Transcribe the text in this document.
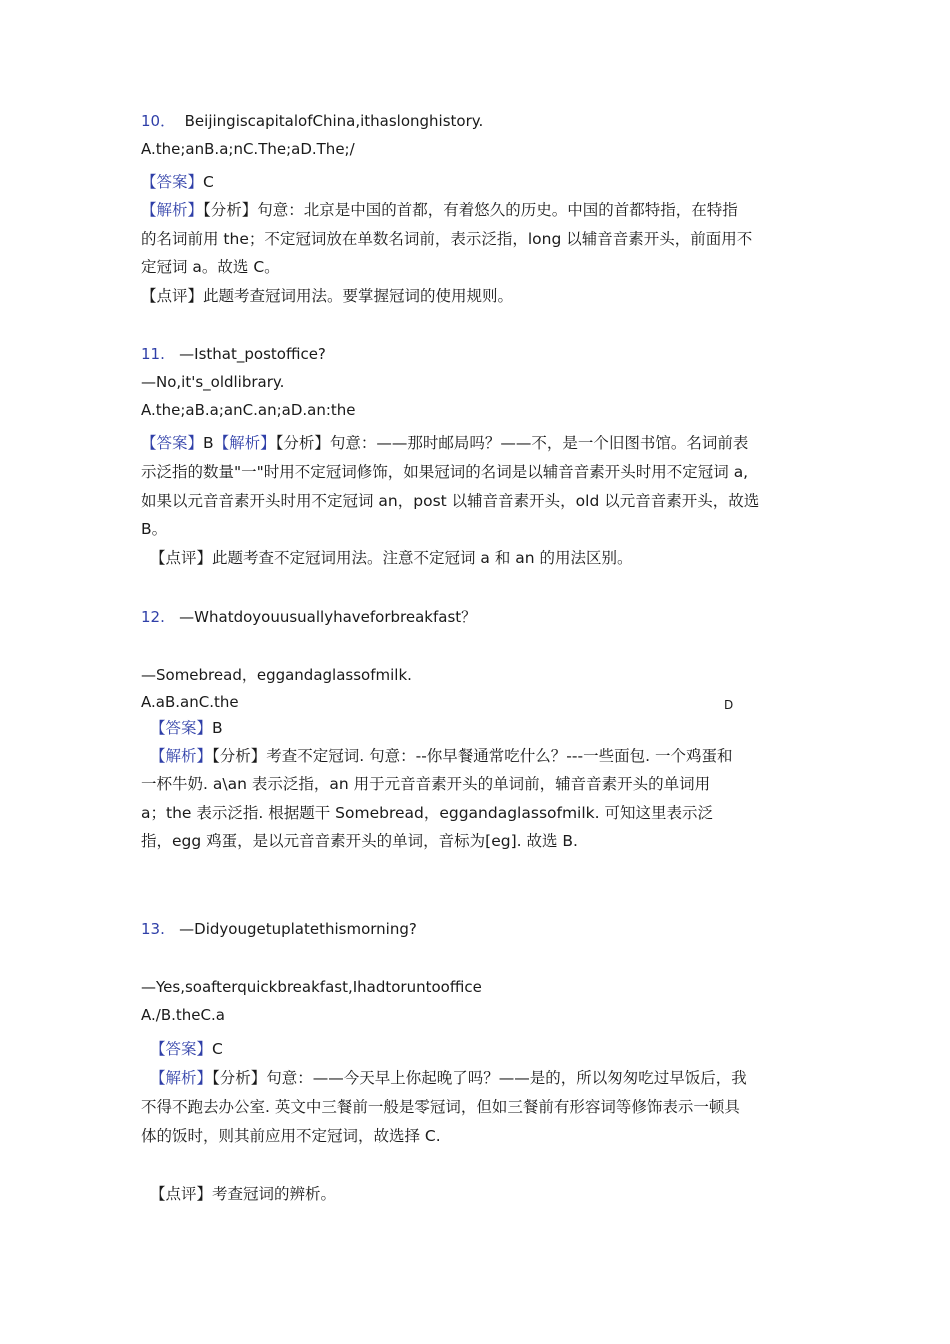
10． BeijingiscapitalofChina,ithaslonghistory.
A.the;anB.a;nC.The;aD.The;/
【答案】C
【解析】【分析】句意：北京是中国的首都，有着悠久的历史。中国的首都特指，在特指
的名词前用 the；不定冠词放在单数名词前，表示泛指，long 以辅音音素开头，前面用不
定冠词 a。故选 C。
【点评】此题考查冠词用法。要掌握冠词的使用规则。
11. —Isthat_postoffice?
—No,it's_oldlibrary.
A.the;aB.a;anC.an;aD.an:the
【答案】B【解析】【分析】句意：——那时邮局吗？——不，是一个旧图书馆。名词前表
示泛指的数量"一"时用不定冠词修饰，如果冠词的名词是以辅音音素开头时用不定冠词 a,
如果以元音音素开头时用不定冠词 an，post 以辅音音素开头，old 以元音音素开头，故选
B。
【点评】此题考查不定冠词用法。注意不定冠词 a 和 an 的用法区别。
12. —Whatdoyouusuallyhaveforbreakfast？
—Somebread，eggandaglassofmilk.
A.aB.anC.the	D
【答案】B
【解析】【分析】考查不定冠词. 句意：--你早餐通常吃什么？---一些面包. 一个鸡蛋和
一杯牛奶. a\an 表示泛指，an 用于元音音素开头的单词前，辅音音素开头的单词用
a；the 表示泛指. 根据题干 Somebread，eggandaglassofmilk. 可知这里表示泛
指，egg 鸡蛋，是以元音音素开头的单词，音标为[eg]. 故选 B.
13. —Didyougetuplatethismorning?
—Yes,soafterquickbreakfast,Ihadtoruntooffice
A./B.theC.a
【答案】C
【解析】【分析】句意：——今天早上你起晚了吗？——是的，所以匆匆吃过早饭后，我
不得不跑去办公室. 英文中三餐前一般是零冠词，但如三餐前有形容词等修饰表示一顿具
体的饭时，则其前应用不定冠词，故选择 C.
【点评】考查冠词的辨析。
